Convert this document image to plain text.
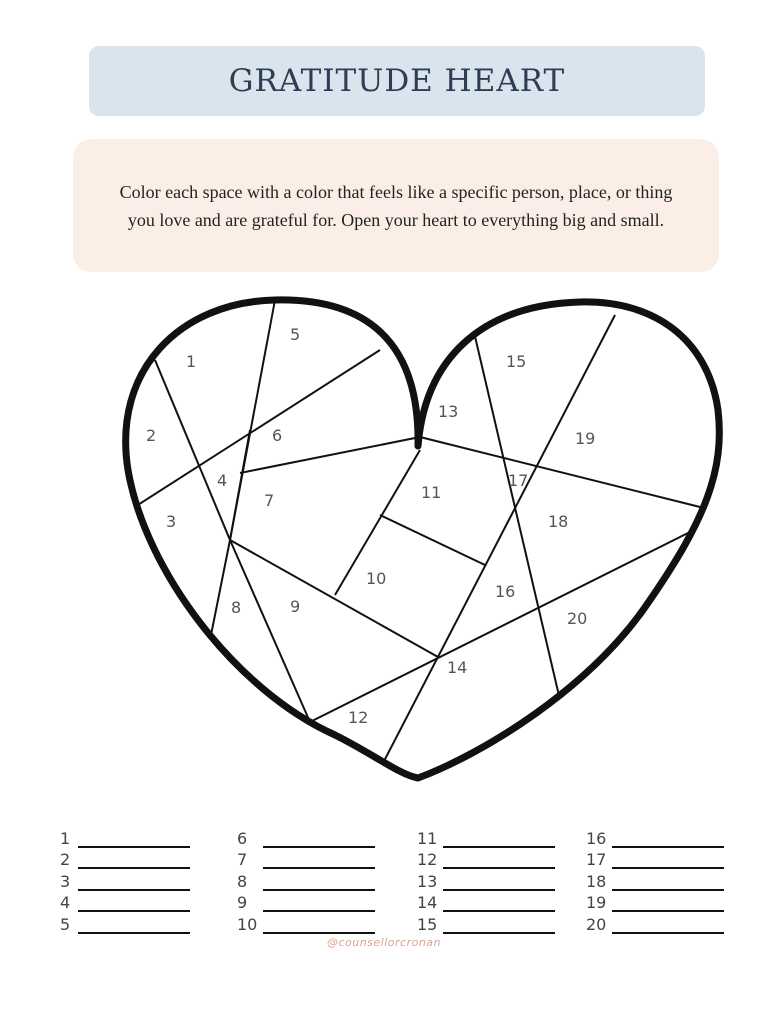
GRATITUDE HEART

Color each space with a color that feels like a specific person, place, or thing you love and are grateful for. Open your heart to everything big and small.

1
2
3
4
5
6
7
8	9
10
11
12
13
14
15
16
17
18
19
20
1
2
3
4
5
6
7
8
9
10
11
12
13
14
15
16
17
18
19
20
@counsellorcronan
